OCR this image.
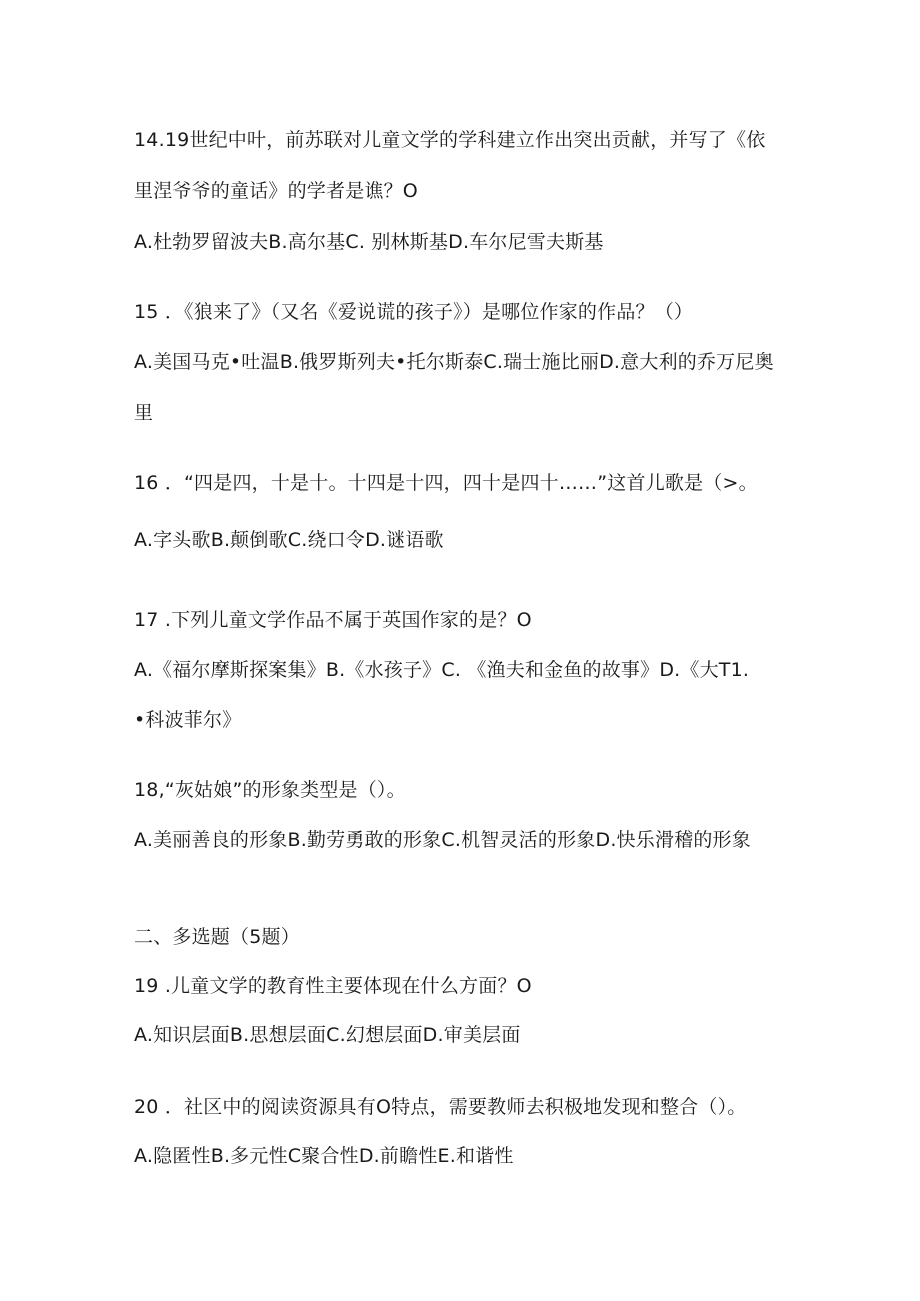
14.19世纪中叶，前苏联对儿童文学的学科建立作出突出贡献，并写了《依
里涅爷爷的童话》的学者是谯？O
A.杜勃罗留波夫B.高尔基C. 别林斯基D.车尔尼雪夫斯基
15 ．《狼来了》（又名《爱说谎的孩子》）是哪位作家的作品？（）
A.美国马克•吐温B.俄罗斯列夫•托尔斯泰C.瑞士施比丽D.意大利的乔万尼奥
里
16 ．“四是四，十是十。十四是十四，四十是四十……”这首儿歌是（>。
A.字头歌B.颠倒歌C.绕口令D.谜语歌
17 .下列儿童文学作品不属于英国作家的是？O
A.《福尔摩斯探案集》B.《水孩子》C. 《渔夫和金鱼的故事》D.《大T1.
•科波菲尔》
18,“灰姑娘”的形象类型是（）。
A.美丽善良的形象B.勤劳勇敢的形象C.机智灵活的形象D.快乐滑稽的形象
二、多选题（5题）
19 .儿童文学的教育性主要体现在什么方面？O
A.知识层面B.思想层面C.幻想层面D.审美层面
20 ．社区中的阅读资源具有O特点，需要教师去积极地发现和整合（）。
A.隐匿性B.多元性C聚合性D.前瞻性E.和谐性
